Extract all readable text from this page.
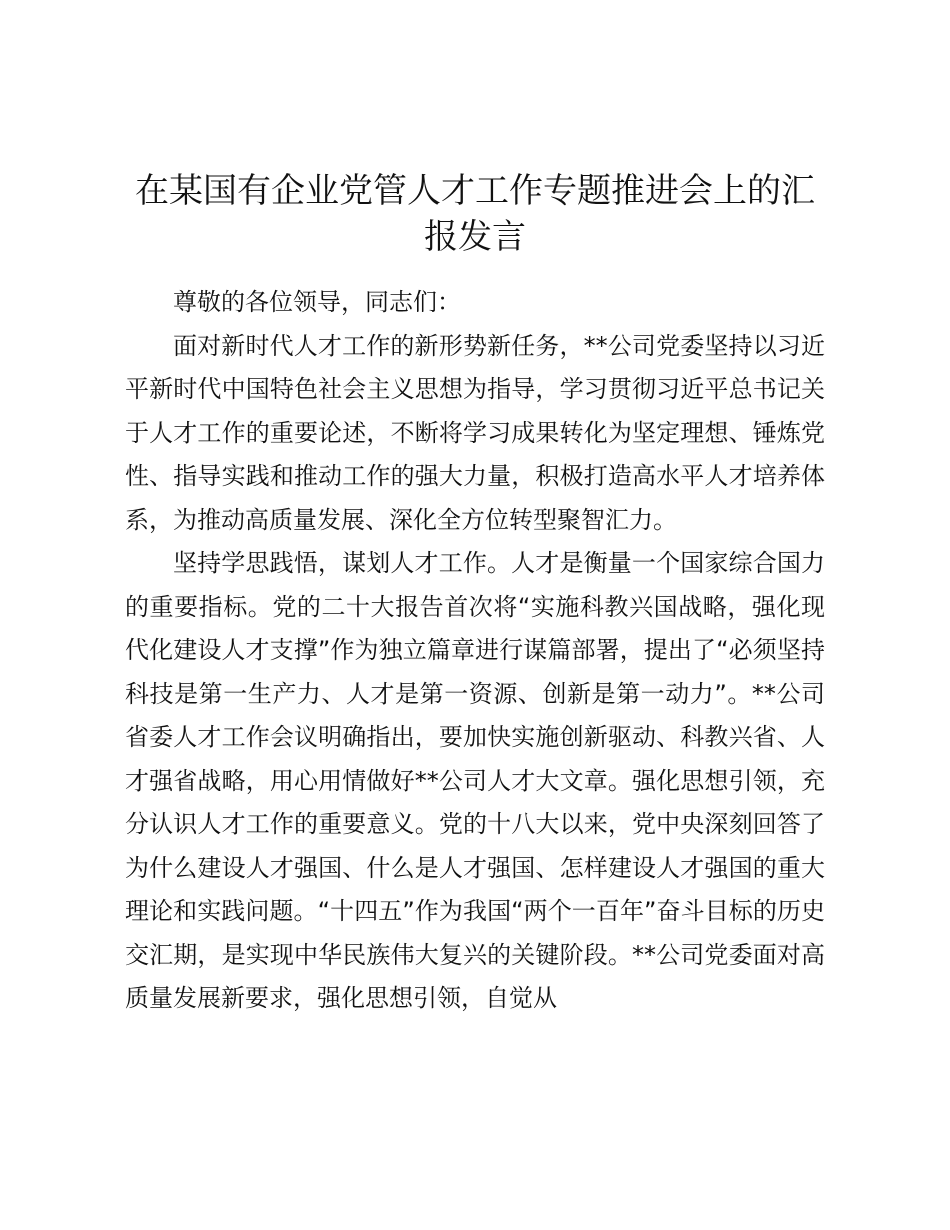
在某国有企业党管人才工作专题推进会上的汇报发言

尊敬的各位领导，同志们：

面对新时代人才工作的新形势新任务，**公司党委坚持以习近平新时代中国特色社会主义思想为指导，学习贯彻习近平总书记关于人才工作的重要论述，不断将学习成果转化为坚定理想、锤炼党性、指导实践和推动工作的强大力量，积极打造高水平人才培养体系，为推动高质量发展、深化全方位转型聚智汇力。

坚持学思践悟，谋划人才工作。人才是衡量一个国家综合国力的重要指标。党的二十大报告首次将“实施科教兴国战略，强化现代化建设人才支撑”作为独立篇章进行谋篇部署，提出了“必须坚持科技是第一生产力、人才是第一资源、创新是第一动力”。**公司省委人才工作会议明确指出，要加快实施创新驱动、科教兴省、人才强省战略，用心用情做好**公司人才大文章。强化思想引领，充分认识人才工作的重要意义。党的十八大以来，党中央深刻回答了为什么建设人才强国、什么是人才强国、怎样建设人才强国的重大理论和实践问题。“十四五”作为我国“两个一百年”奋斗目标的历史交汇期，是实现中华民族伟大复兴的关键阶段。**公司党委面对高质量发展新要求，强化思想引领，自觉从
